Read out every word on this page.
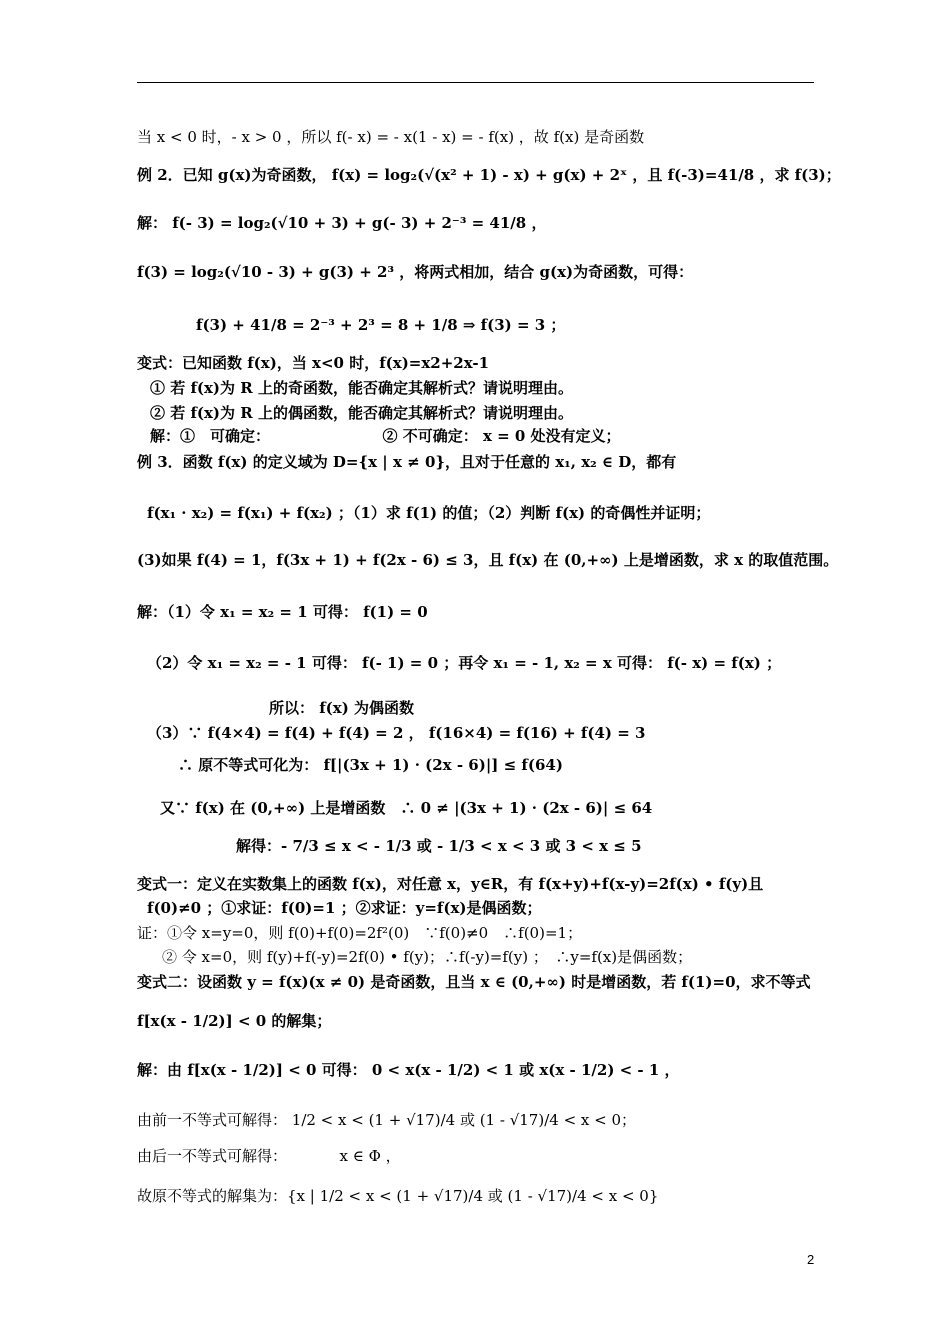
当 x < 0 时，- x > 0 ，所以 f(- x) = - x(1 - x) = - f(x) ，故 f(x) 是奇函数
例 2．已知 g(x)为奇函数， f(x) = log₂(√(x² + 1) - x) + g(x) + 2ˣ ，且 f(-3)=41/8 ，求 f(3)；
解： f(- 3) = log₂(√10 + 3) + g(- 3) + 2⁻³ = 41/8 ，
f(3) = log₂(√10 - 3) + g(3) + 2³ ，将两式相加，结合 g(x)为奇函数，可得：
f(3) + 41/8 = 2⁻³ + 2³ = 8 + 1/8 ⇒ f(3) = 3 ；
变式：已知函数 f(x)，当 x<0 时，f(x)=x2+2x-1
① 若 f(x)为 R 上的奇函数，能否确定其解析式？请说明理由。
② 若 f(x)为 R 上的偶函数，能否确定其解析式？请说明理由。
解：①　可确定：　　　　　　　　② 不可确定： x = 0 处没有定义；
例 3．函数 f(x) 的定义域为 D={x | x ≠ 0}，且对于任意的 x₁, x₂ ∈ D，都有
f(x₁ · x₂) = f(x₁) + f(x₂) ；（1）求 f(1) 的值；（2）判断 f(x) 的奇偶性并证明；
(3)如果 f(4) = 1，f(3x + 1) + f(2x - 6) ≤ 3，且 f(x) 在 (0,+∞) 上是增函数，求 x 的取值范围。
解：（1）令 x₁ = x₂ = 1 可得： f(1) = 0
（2）令 x₁ = x₂ = - 1 可得： f(- 1) = 0 ；再令 x₁ = - 1, x₂ = x 可得： f(- x) = f(x) ；
所以： f(x) 为偶函数
（3）∵ f(4×4) = f(4) + f(4) = 2 ， f(16×4) = f(16) + f(4) = 3
∴ 原不等式可化为： f[|(3x + 1) · (2x - 6)|] ≤ f(64)
又∵ f(x) 在 (0,+∞) 上是增函数　∴ 0 ≠ |(3x + 1) · (2x - 6)| ≤ 64
解得：- 7/3 ≤ x < - 1/3 或 - 1/3 < x < 3 或 3 < x ≤ 5
变式一：定义在实数集上的函数 f(x)，对任意 x，y∈R，有 f(x+y)+f(x-y)=2f(x) • f(y)且
f(0)≠0 ；①求证：f(0)=1 ；②求证：y=f(x)是偶函数；
证：①令 x=y=0，则 f(0)+f(0)=2f²(0)　∵f(0)≠0　∴f(0)=1；
② 令 x=0，则 f(y)+f(-y)=2f(0) • f(y)；∴f(-y)=f(y) ；　∴y=f(x)是偶函数；
变式二：设函数 y = f(x)(x ≠ 0) 是奇函数，且当 x ∈ (0,+∞) 时是增函数，若 f(1)=0，求不等式
f[x(x - 1/2)] < 0 的解集；
解：由 f[x(x - 1/2)] < 0 可得： 0 < x(x - 1/2) < 1 或 x(x - 1/2) < - 1 ，
由前一不等式可解得： 1/2 < x < (1 + √17)/4 或 (1 - √17)/4 < x < 0；
由后一不等式可解得：　　　　x ∈ Φ ，
故原不等式的解集为：{x | 1/2 < x < (1 + √17)/4 或 (1 - √17)/4 < x < 0}
2
